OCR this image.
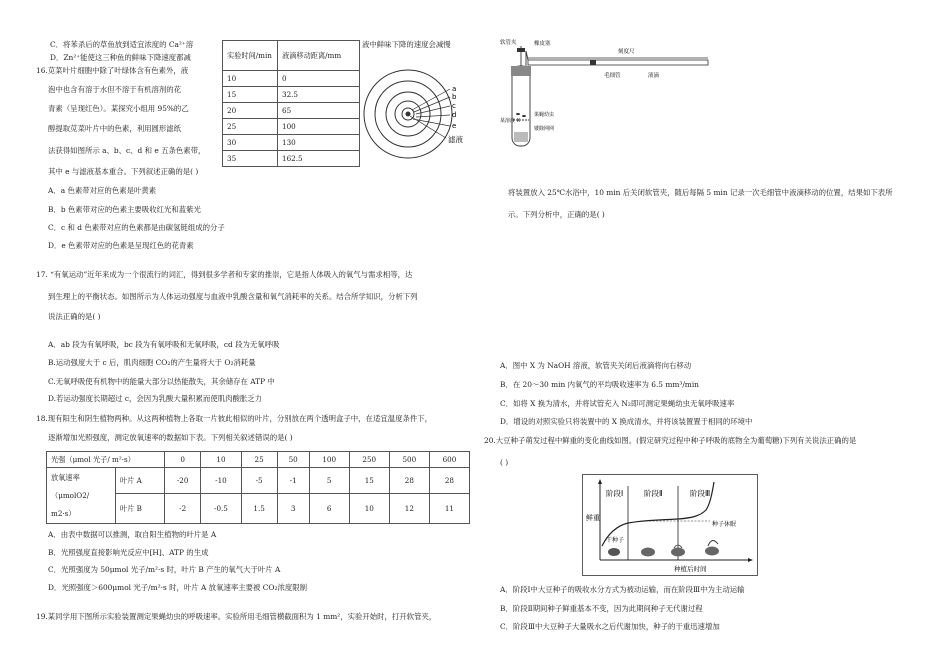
C．将苯杀后的草鱼放到适宜浓度的 Ca²⁺溶
D．Zn²⁺能使这三种鱼的鲜味下降速度都减
16.苋菜叶片细胞中除了叶绿体含有色素外，液
泡中也含有溶于水但不溶于有机溶剂的花
青素（呈现红色）。某探究小组用 95%的乙
醇提取苋菜叶片中的色素，利用圆形滤纸
法获得如图所示 a、b、c、d 和 e 五条色素带，
其中 e 与滤液基本重合。下列叙述正确的是( )
A．a 色素带对应的色素是叶黄素
B．b 色素带对应的色素主要吸收红光和蓝紫光
C．c 和 d 色素带对应的色素都是由碳氢链组成的分子
D．e 色素带对应的色素是呈现红色的花青素
实验时间/min	液滴移动距离/mm
10	0
15	32.5
20	65
25	100
30	130
35	162.5
液中鲜味下降的速度会减慢
a
b
c
d
e
滤液
17. “有氧运动”近年来成为一个很流行的词汇，得到很多学者和专家的推崇，它是指人体吸入的氧气与需求相等，达
到生理上的平衡状态。如图所示为人体运动强度与血液中乳酸含量和氧气消耗率的关系。结合所学知识，分析下列
说法正确的是( )
A．ab 段为有氧呼吸，bc 段为有氧呼吸和无氧呼吸，cd 段为无氧呼吸
B.运动强度大于 c 后，肌肉细胞 CO₂的产生量将大于 O₂消耗量
C.无氧呼吸使有机物中的能量大部分以热能散失，其余储存在 ATP 中
D.若运动强度长期超过 c，会因为乳酸大量积累而使肌肉酸胀乏力
18.现有阳生和阴生植物两种。从这两种植物上各取一片彼此相似的叶片，分别放在两个透明盒子中，在适宜温度条件下，
逐渐增加光照强度，测定放氧速率的数据如下表。下列相关叙述错误的是( )
光强（μmol 光子/ m²·s）		0	10	25	50	100	250	500	600

放氧速率
（μmolO2/
m2·s）	叶片 A	-20	-10	-5	-1	5	15	28	28
	叶片 B	-2	-0.5	1.5	3	6	10	12	11
A．由表中数据可以推测，取自阳生植物的叶片是 A
B．光照强度直接影响光反应中[H]、ATP 的生成
C．光照强度为 50μmol 光子/m²·s 时，叶片 B 产生的氧气大于叶片 A
D．光照强度＞600μmol 光子/m²·s 时，叶片 A 放氧速率主要被 CO₂浓度限制
19.某同学用下图所示实验装置测定果蝇幼虫的呼吸速率。实验所用毛细管横截面积为 1 mm²，实验开始时，打开软管夹，
软管夹	橡皮塞
刻度尺
毛细管	液滴
某溶液 X
果蝇幼虫
镂除网网
将装置放入 25℃水浴中，10 min 后关闭软管夹，随后每隔 5 min 记录一次毛细管中液滴移动的位置，结果如下表所
示。下列分析中，正确的是( )
A．图中 X 为 NaOH 溶液，软管夹关闭后液滴将向右移动
B．在 20～30 min 内氧气的平均吸收速率为 6.5 mm³/min
C．如将 X 换为清水，并将试管充入 N₂即可测定果蝇幼虫无氧呼吸速率
D．增设的对照实验只将装置中的 X 换成清水，并将该装置置于相同的环境中
20.大豆种子萌发过程中鲜重的变化曲线如图。(假定研究过程中种子呼吸的底物全为葡萄糖)下列有关说法正确的是
( )
鲜重
阶段Ⅰ	阶段Ⅱ	阶段Ⅲ
干种子
种子休眠
种植后时间
A．阶段Ⅰ中大豆种子的吸收水分方式为被动运输，而在阶段Ⅲ中为主动运输
B．阶段Ⅱ期间种子鲜重基本不变，因为此期间种子无代谢过程
C．阶段Ⅲ中大豆种子大量吸水之后代谢加快，种子的干重迅速增加
